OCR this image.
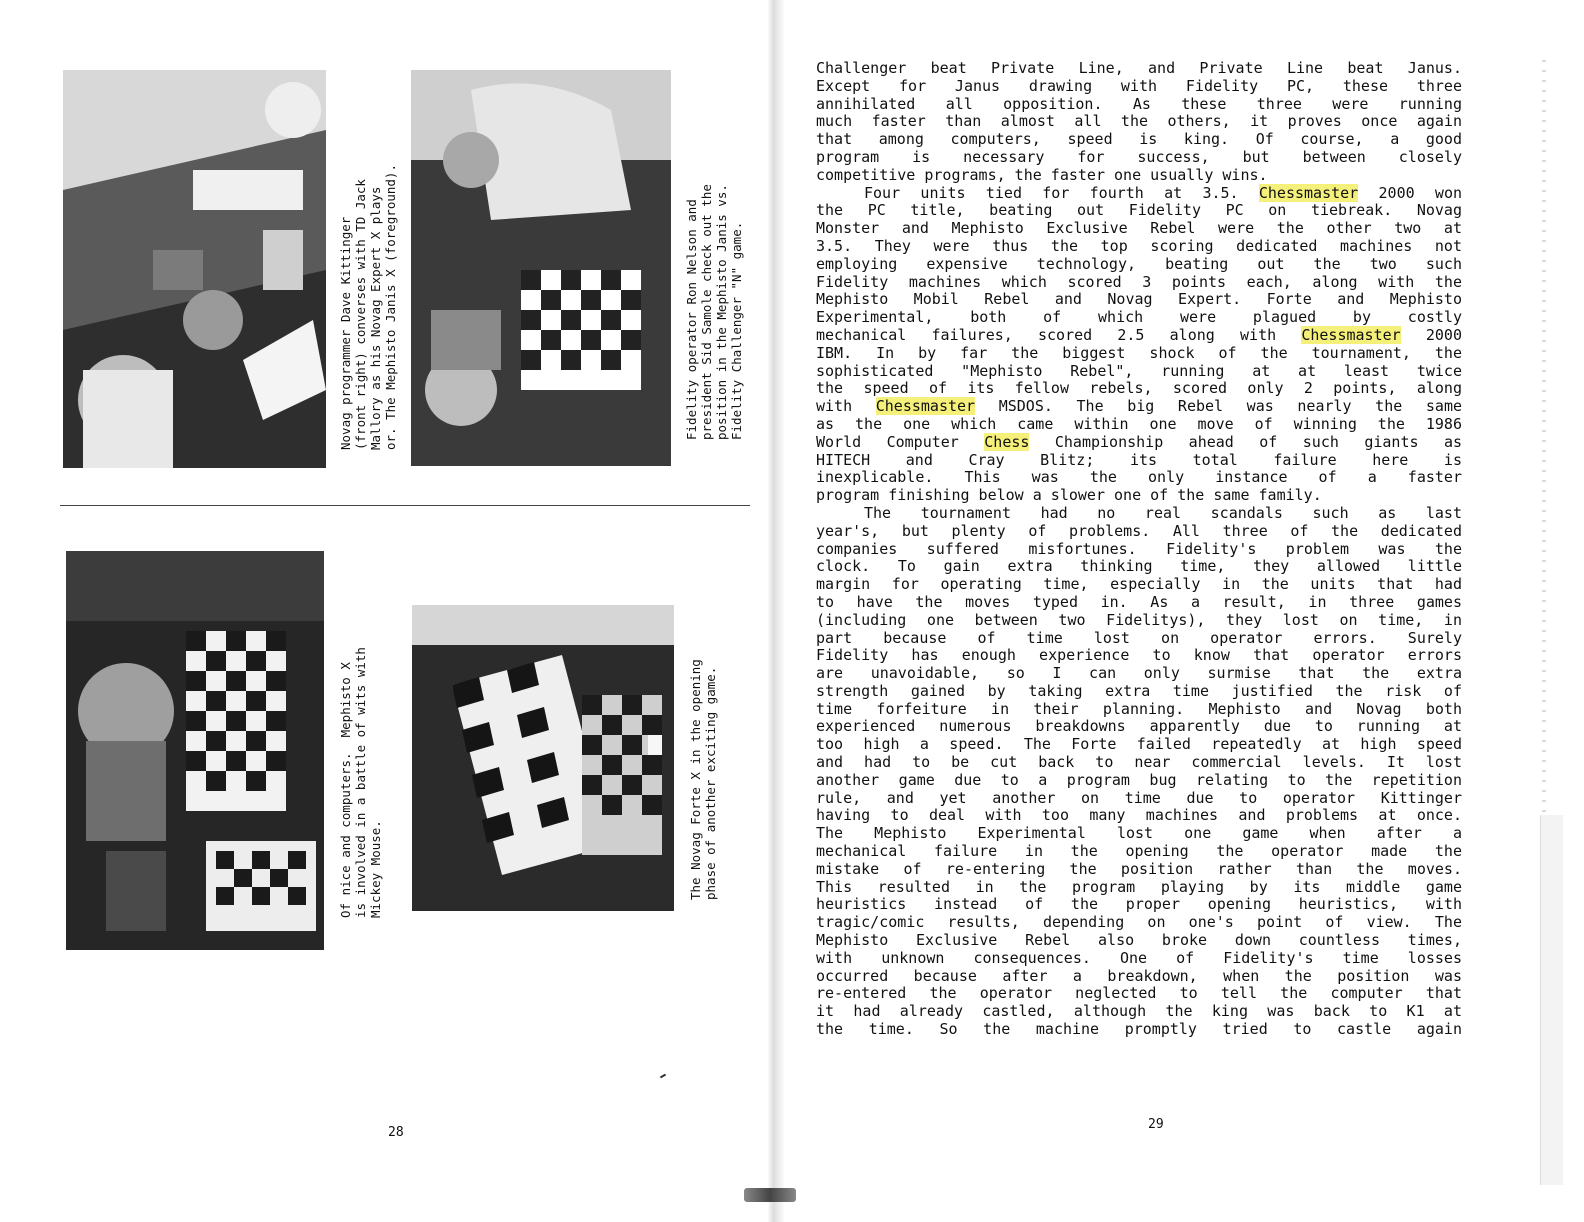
Novag programmer Dave Kittinger
(front right) converses with TD Jack
Mallory as his Novag Expert X plays
or. The Mephisto Janis X (foreground).
Fidelity operator Ron Nelson and
president Sid Samole check out the
position in the Mephisto Janis vs.
Fidelity Challenger "N" game.
Of nice and computers.  Mephisto X
is involved in a battle of wits with
Mickey Mouse.
The Novag Forte X in the opening
phase of another exciting game.
28
Challenger beat Private Line, and Private Line beat Janus.
Except for Janus drawing with Fidelity PC, these three
annihilated all opposition. As these three were running
much faster than almost all the others, it proves once again
that among computers, speed is king. Of course, a good
program is necessary for success, but between closely
competitive programs, the faster one usually wins.
Four units tied for fourth at 3.5. Chessmaster 2000 won
the PC title, beating out Fidelity PC on tiebreak. Novag
Monster and Mephisto Exclusive Rebel were the other two at
3.5. They were thus the top scoring dedicated machines not
employing expensive technology, beating out the two such
Fidelity machines which scored 3 points each, along with the
Mephisto Mobil Rebel and Novag Expert. Forte and Mephisto
Experimental, both of which were plagued by costly
mechanical failures, scored 2.5 along with Chessmaster 2000
IBM. In by far the biggest shock of the tournament, the
sophisticated "Mephisto Rebel", running at at least twice
the speed of its fellow rebels, scored only 2 points, along
with Chessmaster MSDOS. The big Rebel was nearly the same
as the one which came within one move of winning the 1986
World Computer Chess Championship ahead of such giants as
HITECH and Cray Blitz; its total failure here is
inexplicable. This was the only instance of a faster
program finishing below a slower one of the same family.
The tournament had no real scandals such as last
year's, but plenty of problems. All three of the dedicated
companies suffered misfortunes. Fidelity's problem was the
clock. To gain extra thinking time, they allowed little
margin for operating time, especially in the units that had
to have the moves typed in. As a result, in three games
(including one between two Fidelitys), they lost on time, in
part because of time lost on operator errors. Surely
Fidelity has enough experience to know that operator errors
are unavoidable, so I can only surmise that the extra
strength gained by taking extra time justified the risk of
time forfeiture in their planning. Mephisto and Novag both
experienced numerous breakdowns apparently due to running at
too high a speed. The Forte failed repeatedly at high speed
and had to be cut back to near commercial levels. It lost
another game due to a program bug relating to the repetition
rule, and yet another on time due to operator Kittinger
having to deal with too many machines and problems at once.
The Mephisto Experimental lost one game when after a
mechanical failure in the opening the operator made the
mistake of re-entering the position rather than the moves.
This resulted in the program playing by its middle game
heuristics instead of the proper opening heuristics, with
tragic/comic results, depending on one's point of view. The
Mephisto Exclusive Rebel also broke down countless times,
with unknown consequences. One of Fidelity's time losses
occurred because after a breakdown, when the position was
re-entered the operator neglected to tell the computer that
it had already castled, although the king was back to K1 at
the time. So the machine promptly tried to castle again
29
